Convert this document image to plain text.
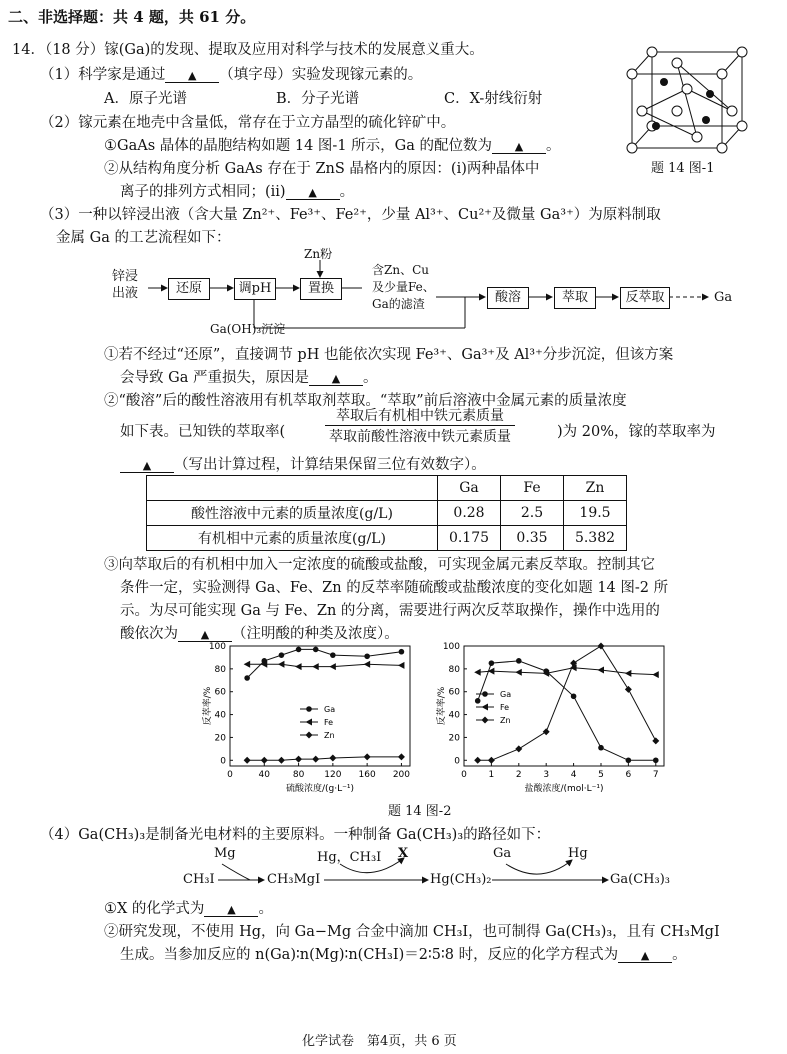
二、非选择题：共 4 题，共 61 分。
14．（18 分）镓(Ga)的发现、提取及应用对科学与技术的发展意义重大。
（1）科学家是通过 ▲ （填字母）实验发现镓元素的。
A．原子光谱	B．分子光谱	C．X-射线衍射
（2）镓元素在地壳中含量低，常存在于立方晶型的硫化锌矿中。
①GaAs 晶体的晶胞结构如题 14 图-1 所示，Ga 的配位数为 ▲ 。
②从结构角度分析 GaAs 存在于 ZnS 晶格内的原因：(ⅰ)两种晶体中
离子的排列方式相同；(ⅱ) ▲ 。
题 14 图-1
（3）一种以锌浸出液（含大量 Zn²⁺、Fe³⁺、Fe²⁺，少量 Al³⁺、Cu²⁺及微量 Ga³⁺）为原料制取
金属 Ga 的工艺流程如下：
锌浸
出液	还原	调pH	置换
酸溶	萃取	反萃取	Ga
Zn粉
含Zn、Cu
及少量Fe、
Ga的滤渣
Ga(OH)₃沉淀
①若不经过“还原”，直接调节 pH 也能依次实现 Fe³⁺、Ga³⁺及 Al³⁺分步沉淀，但该方案
会导致 Ga 严重损失，原因是 ▲ 。
②“酸溶”后的酸性溶液用有机萃取剂萃取。“萃取”前后溶液中金属元素的质量浓度
如下表。已知铁的萃取率(
萃取后有机相中铁元素质量
萃取前酸性溶液中铁元素质量	)为 20%，镓的萃取率为
▲ （写出计算过程，计算结果保留三位有效数字）。
	Ga	Fe	Zn
酸性溶液中元素的质量浓度(g/L)	0.28	2.5	19.5
有机相中元素的质量浓度(g/L)	0.175	0.35	5.382
③向萃取后的有机相中加入一定浓度的硫酸或盐酸，可实现金属元素反萃取。控制其它
条件一定，实验测得 Ga、Fe、Zn 的反萃率随硫酸或盐酸浓度的变化如题 14 图-2 所
示。为尽可能实现 Ga 与 Fe、Zn 的分离，需要进行两次反萃取操作，操作中选用的
酸依次为 ▲ （注明酸的种类及浓度）。
0
20
40
60
80
100
0	40	80 120 160 200
硫酸浓度/(g·L⁻¹)
反萃率/%	Ga
Fe
Zn
0
20
40
60
80
100
0 1 2 3 4 5 6 7
盐酸浓度/(mol·L⁻¹)
反萃率/%	Ga
Fe
Zn
题 14 图-2
（4）Ga(CH₃)₃是制备光电材料的主要原料。一种制备 Ga(CH₃)₃的路径如下：
Mg
CH₃I	CH₃MgI
Hg，CH₃I X
Hg(CH₃)₂
Ga	Hg
Ga(CH₃)₃
①X 的化学式为 ▲ 。
②研究发现，不使用 Hg，向 Ga−Mg 合金中滴加 CH₃I，也可制得 Ga(CH₃)₃，且有 CH₃MgI
生成。当参加反应的 n(Ga)∶n(Mg)∶n(CH₃I)＝2∶5∶8 时，反应的化学方程式为 ▲ 。
化学试卷　第4页，共 6 页
